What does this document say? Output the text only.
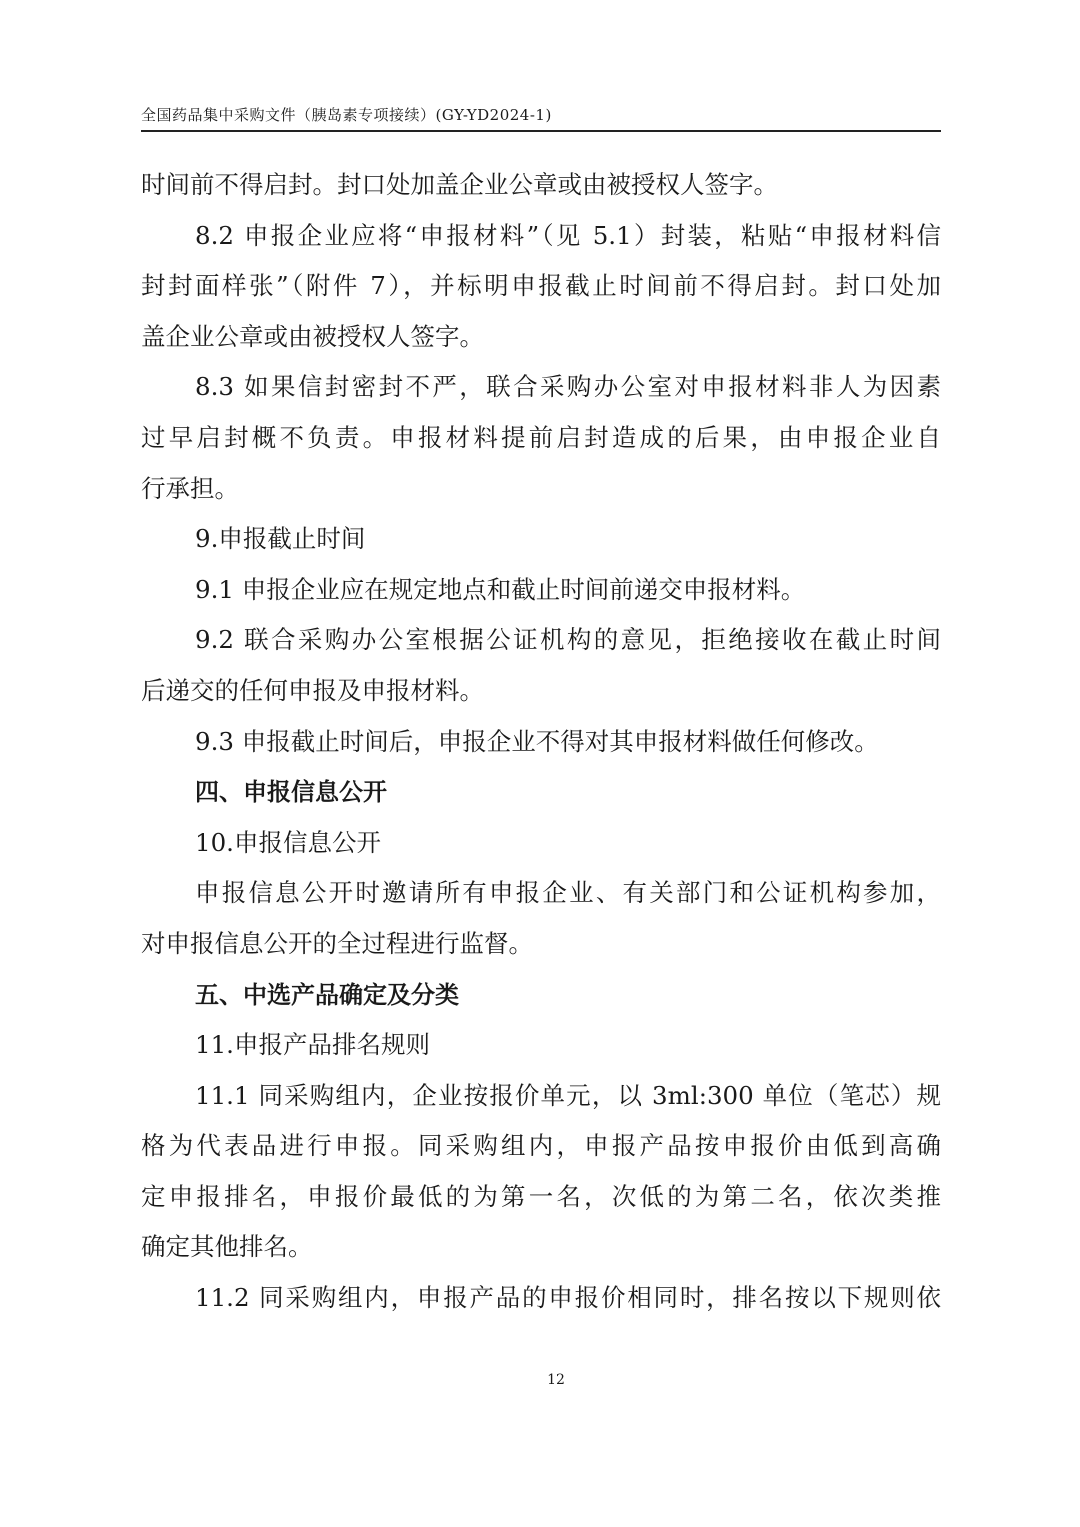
全国药品集中采购文件（胰岛素专项接续）(GY-YD2024-1)
时间前不得启封。封口处加盖企业公章或由被授权人签字。
8.2 申报企业应将“申报材料”（见 5.1）封装，粘贴“申报材料信
封封面样张”（附件 7），并标明申报截止时间前不得启封。封口处加
盖企业公章或由被授权人签字。
8.3 如果信封密封不严，联合采购办公室对申报材料非人为因素
过早启封概不负责。申报材料提前启封造成的后果，由申报企业自
行承担。
9.申报截止时间
9.1 申报企业应在规定地点和截止时间前递交申报材料。
9.2 联合采购办公室根据公证机构的意见，拒绝接收在截止时间
后递交的任何申报及申报材料。
9.3 申报截止时间后，申报企业不得对其申报材料做任何修改。
四、申报信息公开
10.申报信息公开
申报信息公开时邀请所有申报企业、有关部门和公证机构参加，
对申报信息公开的全过程进行监督。
五、中选产品确定及分类
11.申报产品排名规则
11.1 同采购组内，企业按报价单元，以 3ml:300 单位（笔芯）规
格为代表品进行申报。同采购组内，申报产品按申报价由低到高确
定申报排名，申报价最低的为第一名，次低的为第二名，依次类推
确定其他排名。
11.2 同采购组内，申报产品的申报价相同时，排名按以下规则依
12
